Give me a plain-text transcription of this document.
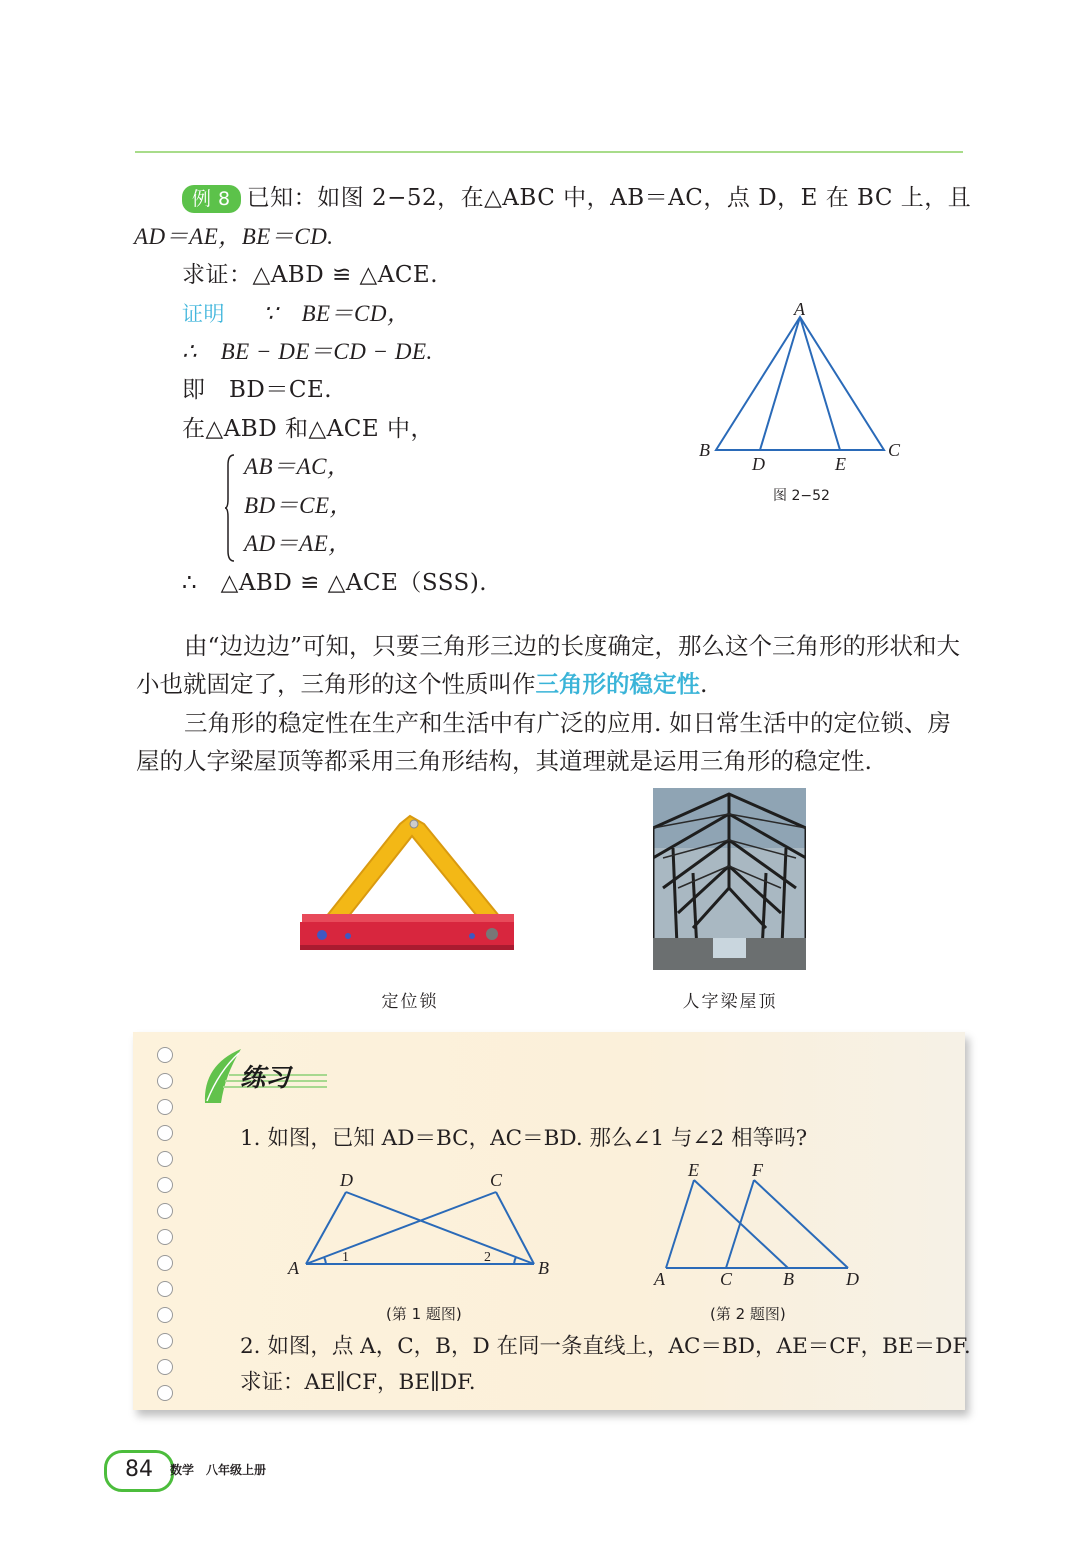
例 8 已知：如图 2−52，在△ABC 中，AB＝AC，点 D，E 在 BC 上，且
AD＝AE，BE＝CD.
求证：△ABD ≌ △ACE.
证明 ∵　BE＝CD，
∴　BE − DE＝CD − DE.
即　BD＝CE.
在△ABD 和△ACE 中，
AB＝AC，
BD＝CE，
AD＝AE，
∴　△ABD ≌ △ACE（SSS).
A
B	C
D	E
图 2−52
由“边边边”可知，只要三角形三边的长度确定，那么这个三角形的形状和大小也就固定了，三角形的这个性质叫作三角形的稳定性.
三角形的稳定性在生产和生活中有广泛的应用. 如日常生活中的定位锁、房屋的人字梁屋顶等都采用三角形结构，其道理就是运用三角形的稳定性.
定位锁	人字梁屋顶
练习
1. 如图，已知 AD＝BC，AC＝BD. 那么∠1 与∠2 相等吗?
A	B
C
D
1	2
(第 1 题图)
A	C	B	D
E	F
(第 2 题图)
2. 如图，点 A，C，B，D 在同一条直线上，AC＝BD，AE＝CF，BE＝DF.
求证：AE∥CF，BE∥DF.
84 数学　八年级上册
